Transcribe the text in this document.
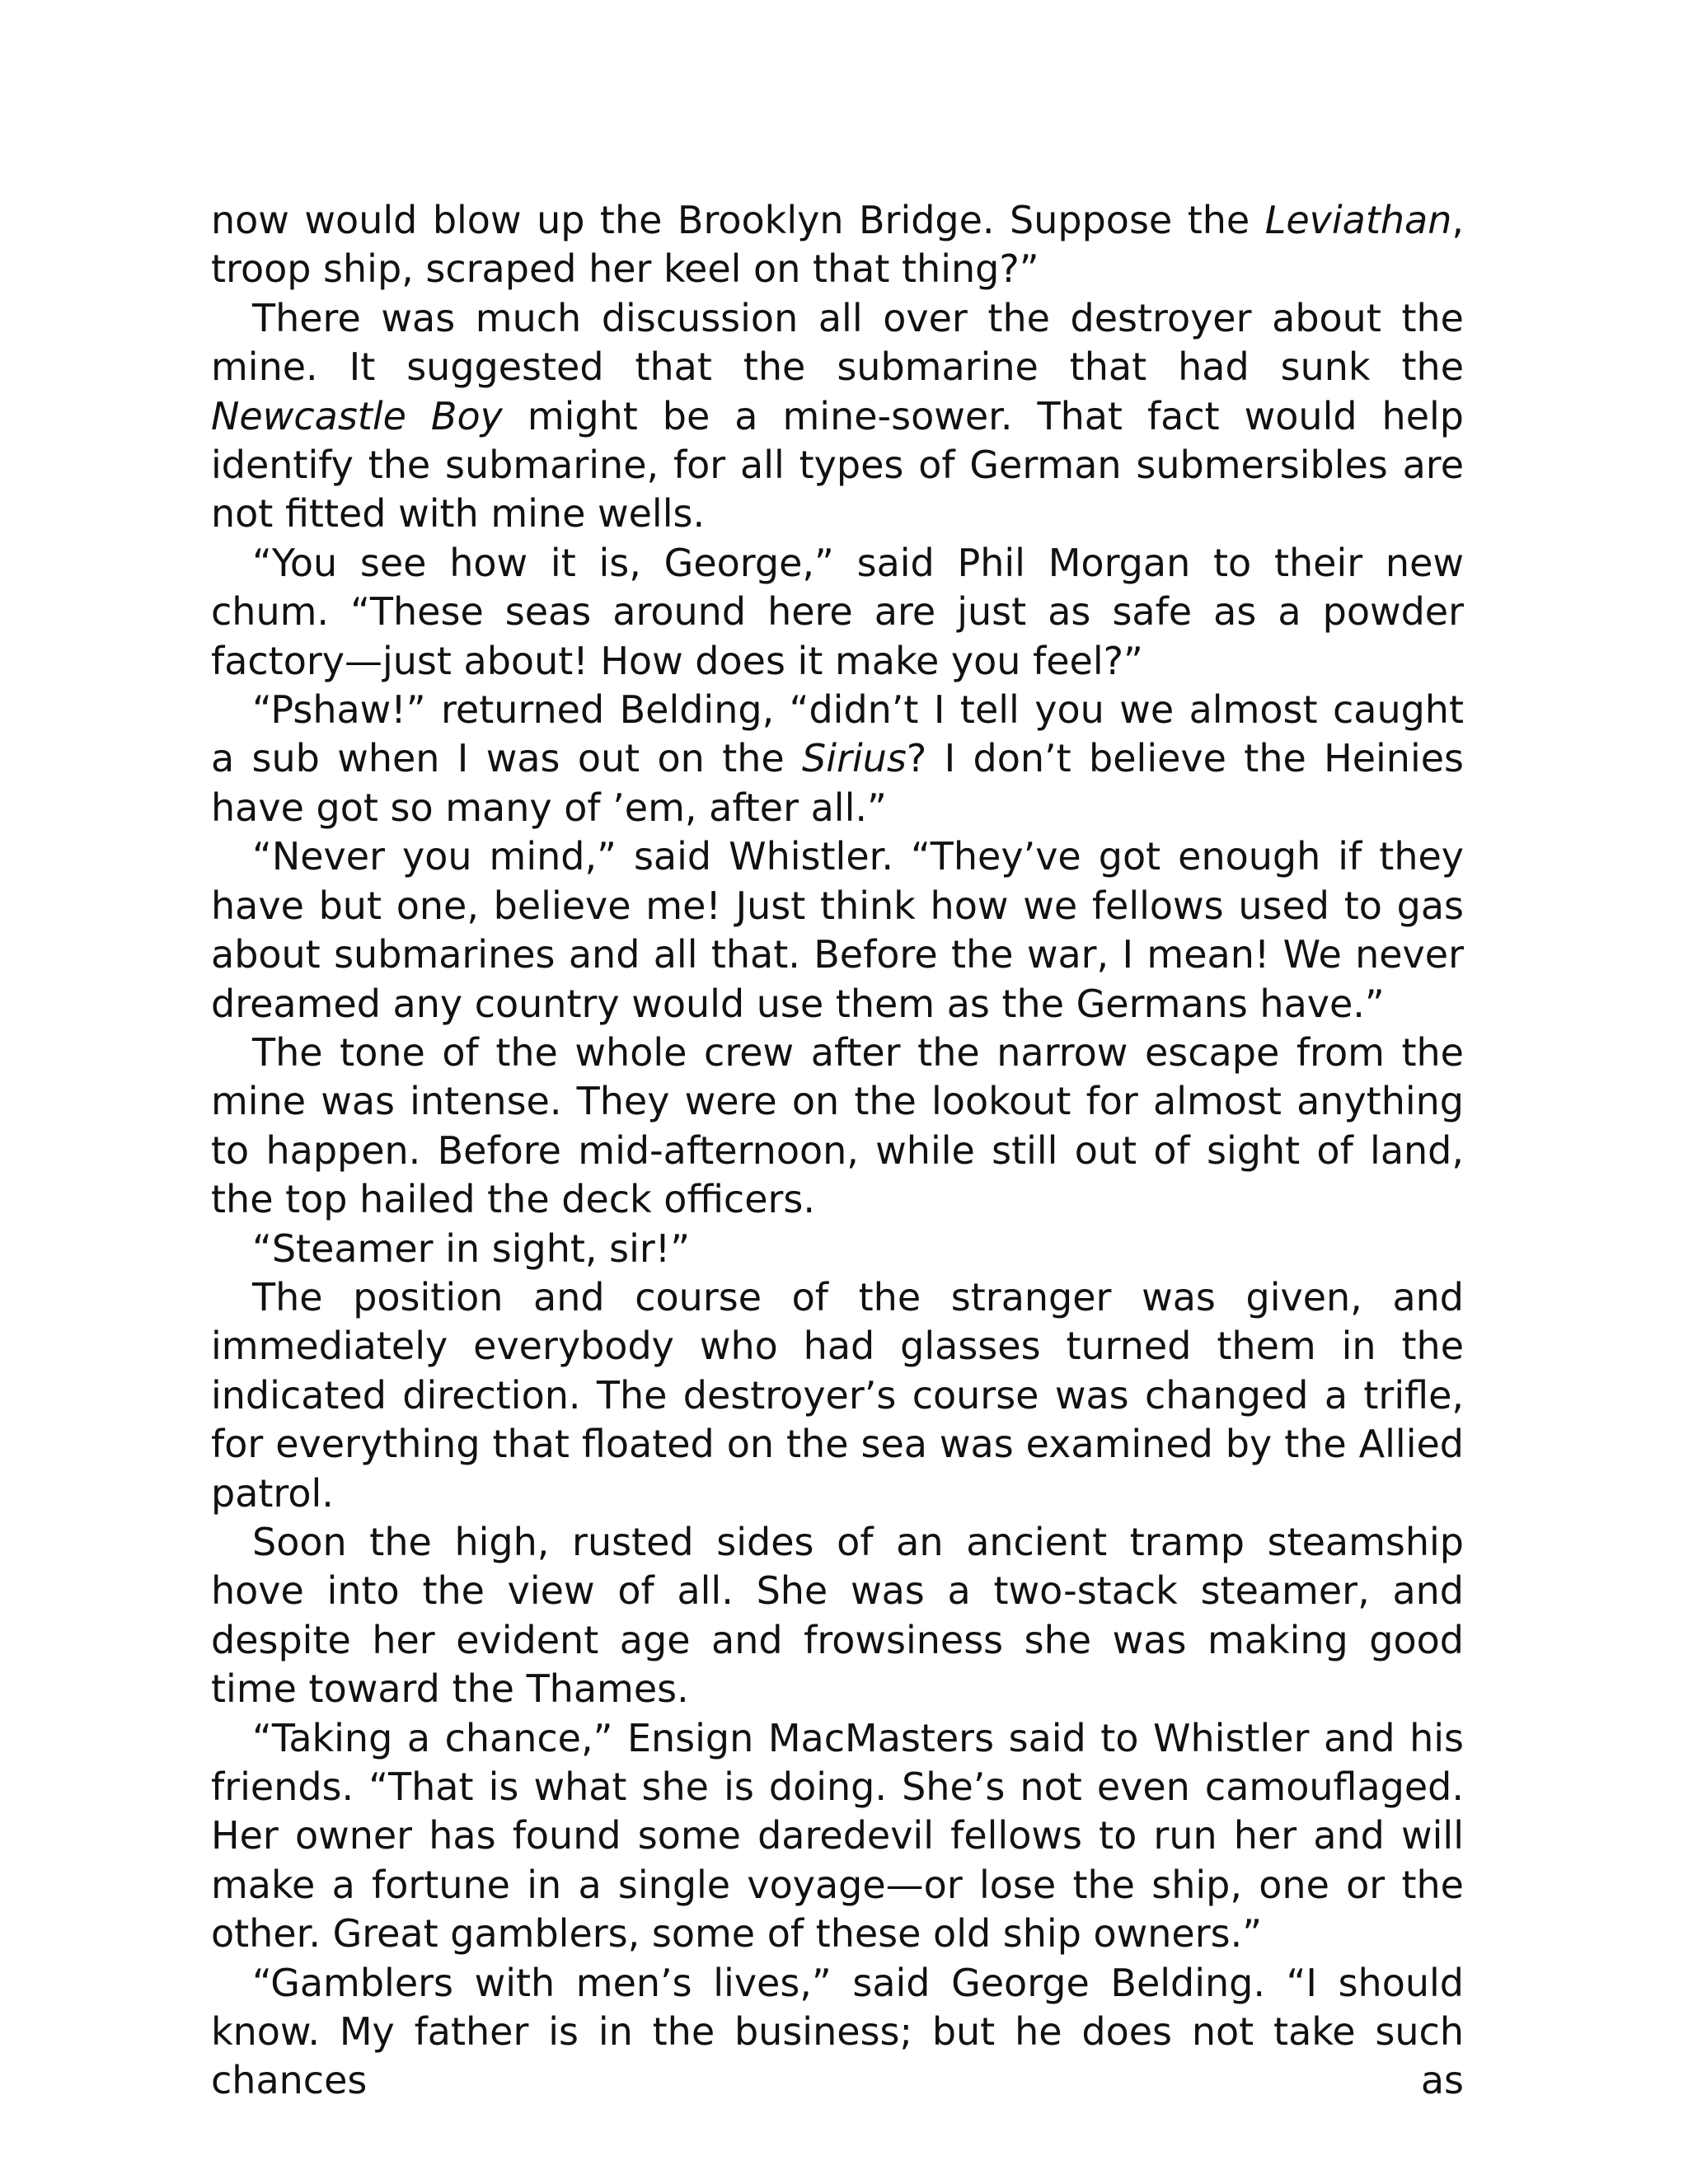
now would blow up the Brooklyn Bridge. Suppose the Leviathan, troop ship, scraped her keel on that thing?”

There was much discussion all over the destroyer about the mine. It suggested that the submarine that had sunk the Newcastle Boy might be a mine-sower. That fact would help identify the submarine, for all types of German submersibles are not fitted with mine wells.

“You see how it is, George,” said Phil Morgan to their new chum. “These seas around here are just as safe as a powder factory—just about! How does it make you feel?”

“Pshaw!” returned Belding, “didn’t I tell you we almost caught a sub when I was out on the Sirius? I don’t believe the Heinies have got so many of ’em, after all.”

“Never you mind,” said Whistler. “They’ve got enough if they have but one, believe me! Just think how we fellows used to gas about submarines and all that. Before the war, I mean! We never dreamed any country would use them as the Germans have.”

The tone of the whole crew after the narrow escape from the mine was intense. They were on the lookout for almost anything to happen. Before mid-afternoon, while still out of sight of land, the top hailed the deck officers.

“Steamer in sight, sir!”

The position and course of the stranger was given, and immediately everybody who had glasses turned them in the indicated direction. The destroyer’s course was changed a trifle, for everything that floated on the sea was examined by the Allied patrol.

Soon the high, rusted sides of an ancient tramp steamship hove into the view of all. She was a two-stack steamer, and despite her evident age and frowsiness she was making good time toward the Thames.

“Taking a chance,” Ensign MacMasters said to Whistler and his friends. “That is what she is doing. She’s not even camouflaged. Her owner has found some daredevil fellows to run her and will make a fortune in a single voyage—or lose the ship, one or the other. Great gamblers, some of these old ship owners.”

“Gamblers with men’s lives,” said George Belding. “I should know. My father is in the business; but he does not take such chances as
